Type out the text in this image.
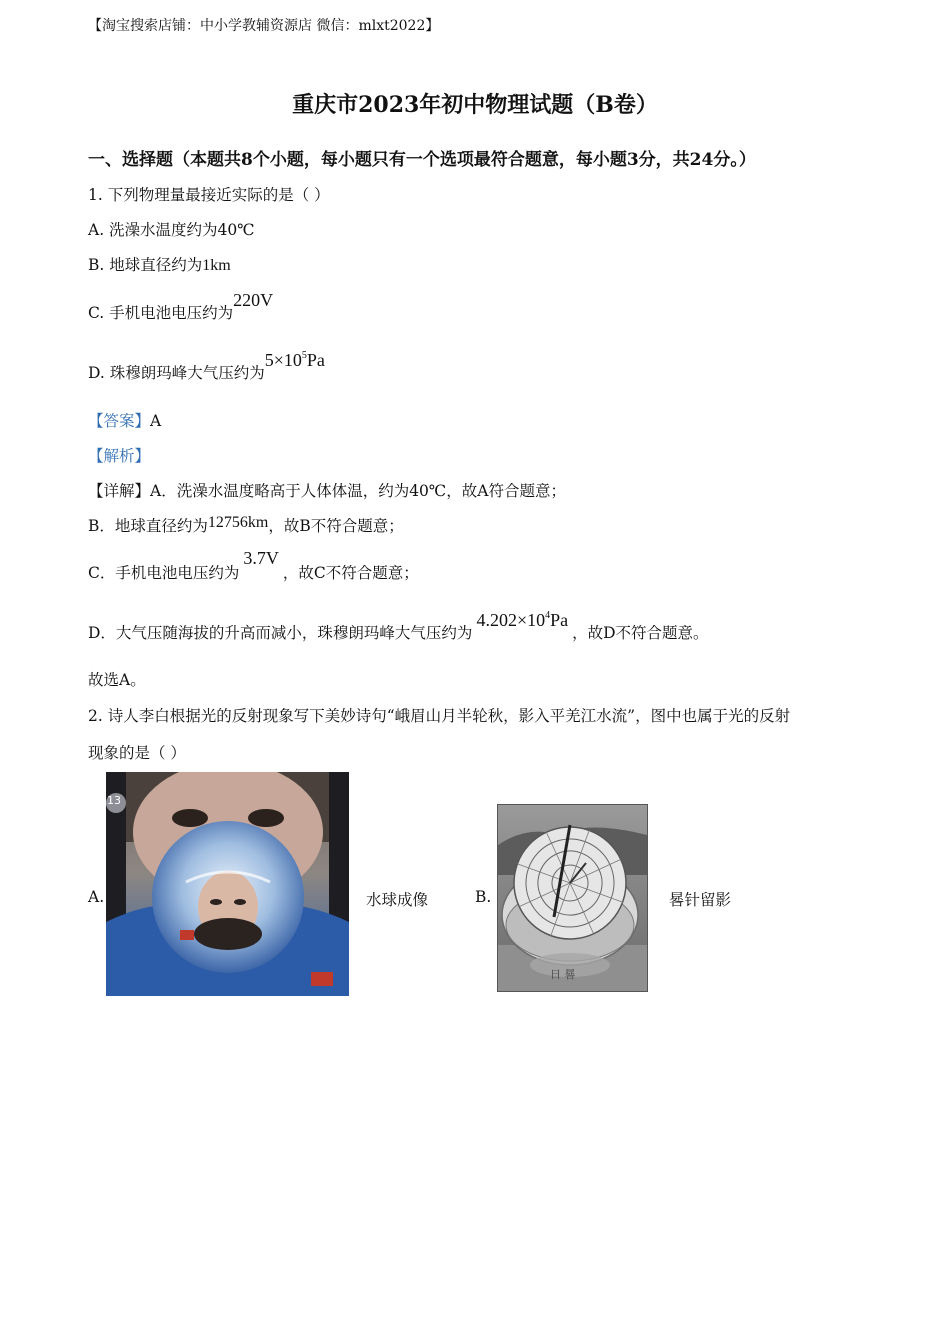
【淘宝搜索店铺：中小学教辅资源店 微信：mlxt2022】
重庆市2023年初中物理试题（B卷）
一、选择题（本题共8个小题，每小题只有一个选项最符合题意，每小题3分，共24分。）
1. 下列物理量最接近实际的是（ ）
A. 洗澡水温度约为40℃
B. 地球直径约为1km
C. 手机电池电压约为220V
D. 珠穆朗玛峰大气压约为$5\times 10^5Pa$
【答案】A
【解析】
【详解】A．洗澡水温度略高于人体体温，约为40℃，故A符合题意；
B．地球直径约为12756km，故B不符合题意；
C．手机电池电压约为3.7V，故C不符合题意；
D．大气压随海拔的升高而减小，珠穆朗玛峰大气压约为$4.202\times 10^4Pa$，故D不符合题意。
故选A。
2. 诗人李白根据光的反射现象写下美妙诗句“峨眉山月半轮秋，影入平羌江水流”，图中也属于光的反射
现象的是（ ）
A.
13
水球成像	B.
日 晷
晷针留影
